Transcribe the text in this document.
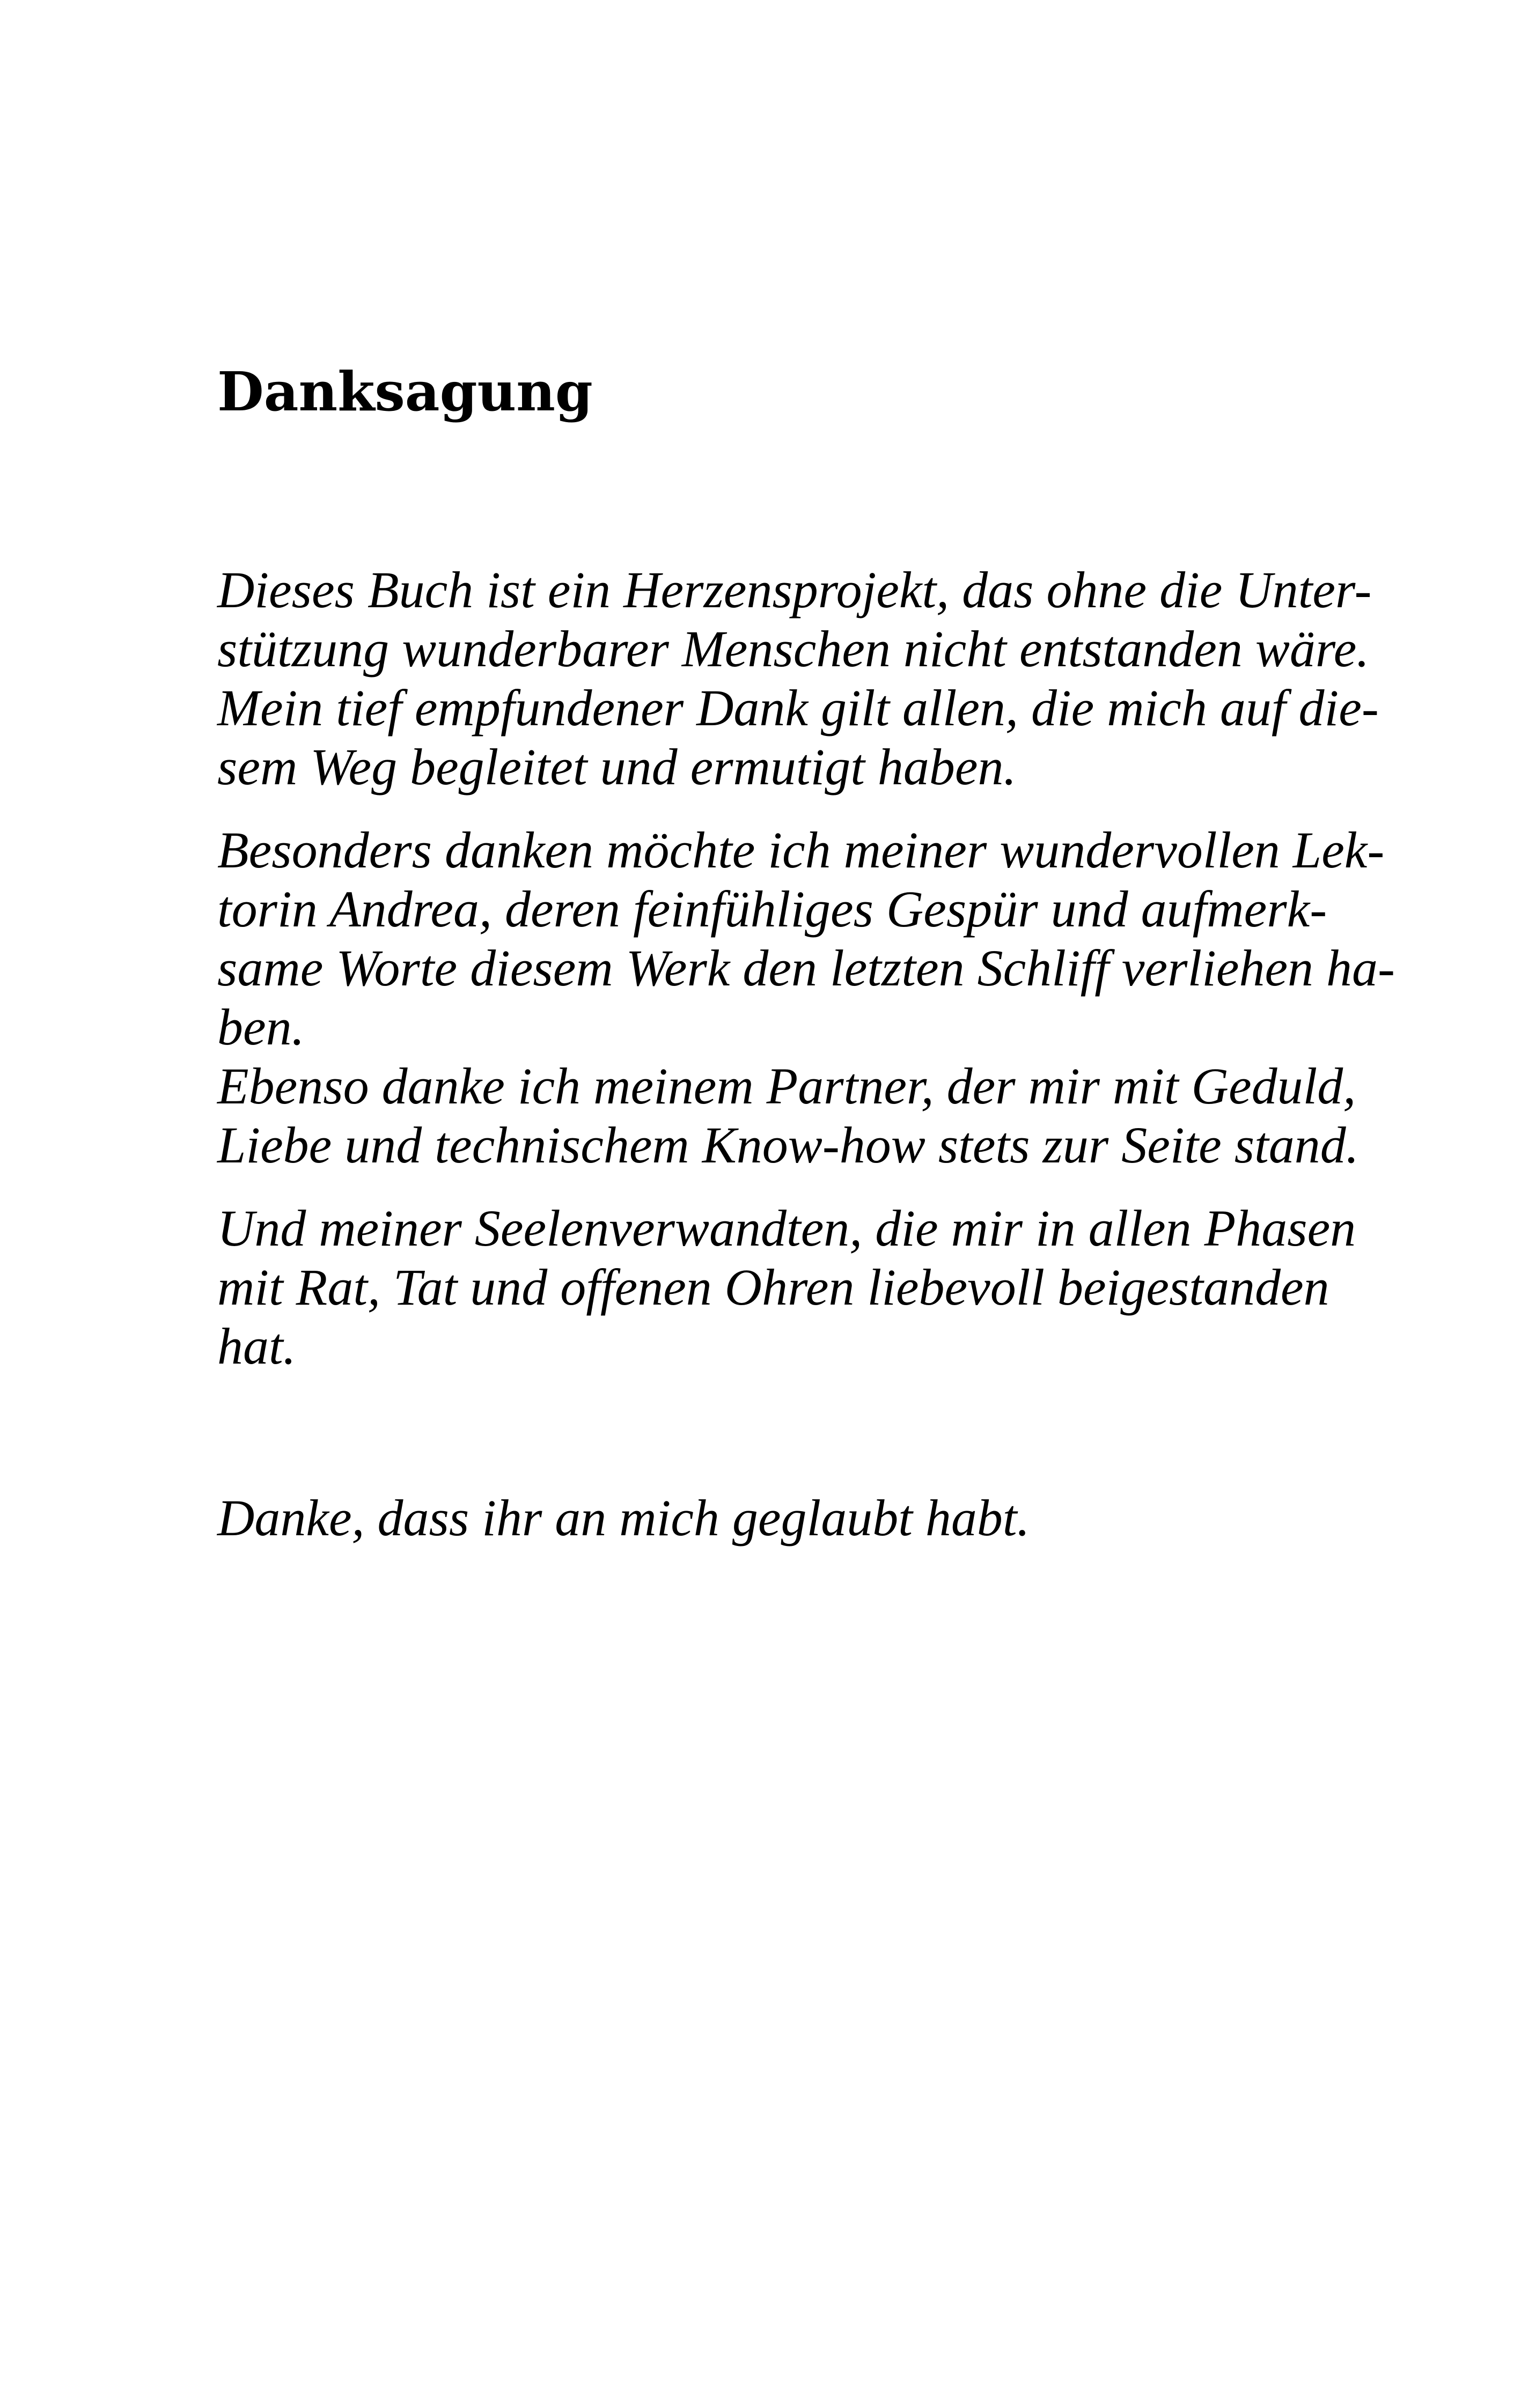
Danksagung

Dieses Buch ist ein Herzensprojekt, das ohne die Unter-

stützung wunderbarer Menschen nicht entstanden wäre.

Mein tief empfundener Dank gilt allen, die mich auf die-

sem Weg begleitet und ermutigt haben.

Besonders danken möchte ich meiner wundervollen Lek-

torin Andrea, deren feinfühliges Gespür und aufmerk-

same Worte diesem Werk den letzten Schliff verliehen ha-

ben.

Ebenso danke ich meinem Partner, der mir mit Geduld,

Liebe und technischem Know-how stets zur Seite stand.

Und meiner Seelenverwandten, die mir in allen Phasen

mit Rat, Tat und offenen Ohren liebevoll beigestanden

hat.

Danke, dass ihr an mich geglaubt habt.
